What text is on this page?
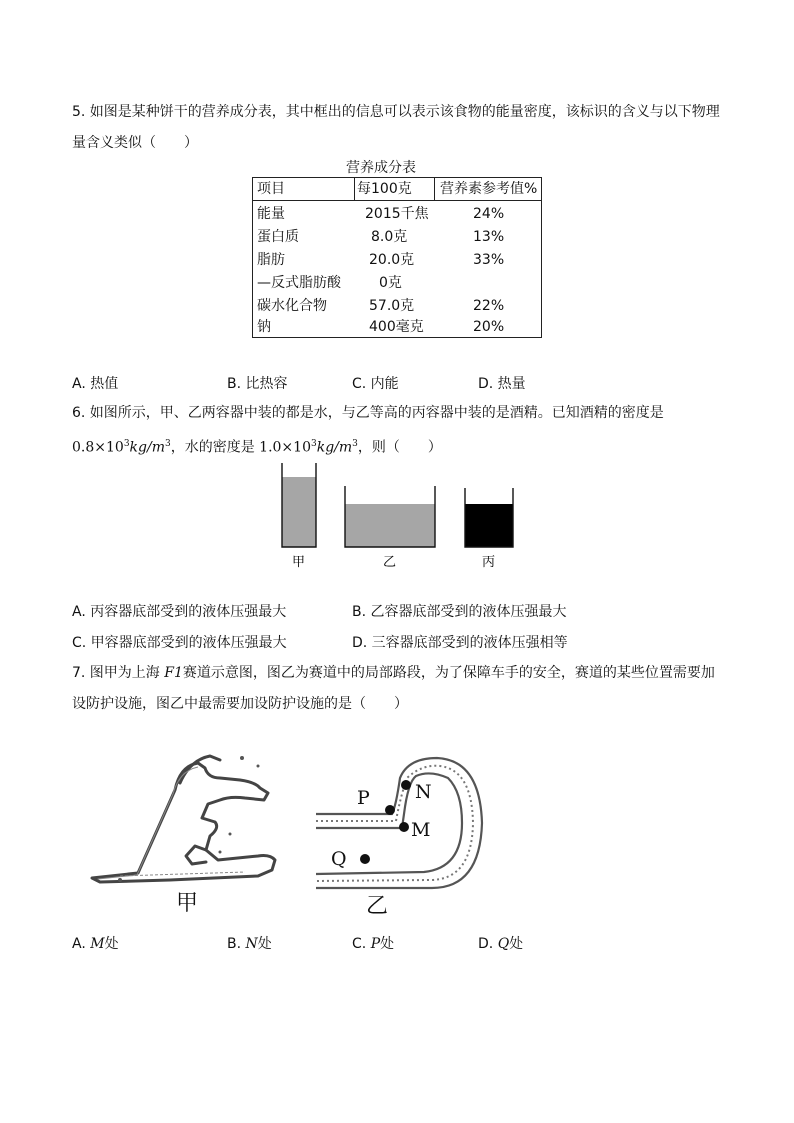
5. 如图是某种饼干的营养成分表，其中框出的信息可以表示该食物的能量密度，该标识的含义与以下物理
量含义类似（　　）
营养成分表
项目	每100克	营养素参考值%
能量	2015千焦	24%
蛋白质	8.0克	13%
脂肪	20.0克	33%
—反式脂肪酸	0克
碳水化合物	57.0克	22%
钠	400毫克	20%
A. 热值	B. 比热容	C. 内能	D. 热量
6. 如图所示，甲、乙两容器中装的都是水，与乙等高的丙容器中装的是酒精。已知酒精的密度是
$0.8\times 10^3kg/m^3$，水的密度是 $1.0\times 10^3kg/m^3$，则（　　）
甲	乙	丙
A. 丙容器底部受到的液体压强最大	B. 乙容器底部受到的液体压强最大
C. 甲容器底部受到的液体压强最大	D. 三容器底部受到的液体压强相等
7. 图甲为上海 F1赛道示意图，图乙为赛道中的局部路段，为了保障车手的安全，赛道的某些位置需要加
设防护设施，图乙中最需要加设防护设施的是（　　）
甲
P N
M
Q
乙
A. M处	B. N处	C. P处	D. Q处
